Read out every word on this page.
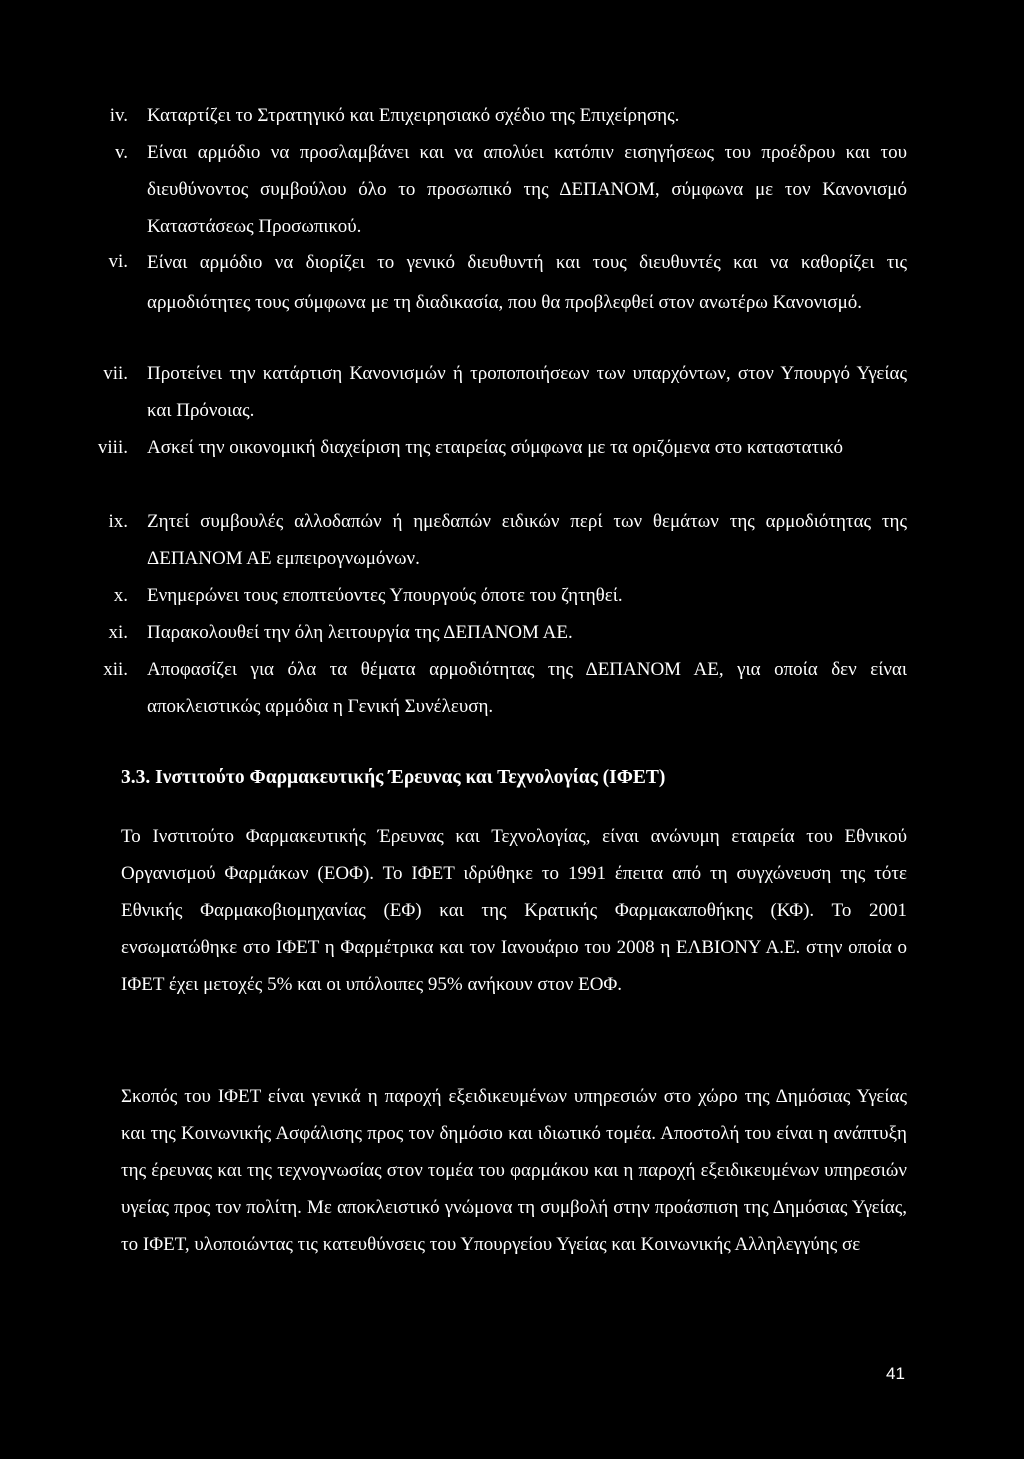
iv. Καταρτίζει το Στρατηγικό και Επιχειρησιακό σχέδιο της Επιχείρησης.
v. Είναι αρμόδιο να προσλαμβάνει και να απολύει κατόπιν εισηγήσεως του προέδρου και του διευθύνοντος συμβούλου όλο το προσωπικό της ΔΕΠΑΝΟΜ, σύμφωνα με τον Κανονισμό Καταστάσεως Προσωπικού.
vi. Είναι αρμόδιο να διορίζει το γενικό διευθυντή και τους διευθυντές και να καθορίζει τις αρμοδιότητες τους σύμφωνα με τη διαδικασία, που θα προβλεφθεί στον ανωτέρω Κανονισμό.
vii. Προτείνει την κατάρτιση Κανονισμών ή τροποποιήσεων των υπαρχόντων, στον Υπουργό Υγείας και Πρόνοιας.
viii. Ασκεί την οικονομική διαχείριση της εταιρείας σύμφωνα με τα οριζόμενα στο καταστατικό
ix. Ζητεί συμβουλές αλλοδαπών ή ημεδαπών ειδικών περί των θεμάτων της αρμοδιότητας της ΔΕΠΑΝΟΜ ΑΕ εμπειρογνωμόνων.
x. Ενημερώνει τους εποπτεύοντες Υπουργούς όποτε του ζητηθεί.
xi. Παρακολουθεί την όλη λειτουργία της ΔΕΠΑΝΟΜ ΑΕ.
xii. Αποφασίζει για όλα τα θέματα αρμοδιότητας της ΔΕΠΑΝΟΜ ΑΕ, για οποία δεν είναι αποκλειστικώς αρμόδια η Γενική Συνέλευση.
3.3. Ινστιτούτο Φαρμακευτικής Έρευνας και Τεχνολογίας (ΙΦΕΤ)

Το Ινστιτούτο Φαρμακευτικής Έρευνας και Τεχνολογίας, είναι ανώνυμη εταιρεία του Εθνικού Οργανισμού Φαρμάκων (ΕΟΦ). Το ΙΦΕΤ ιδρύθηκε το 1991 έπειτα από τη συγχώνευση της τότε Εθνικής Φαρμακοβιομηχανίας (ΕΦ) και της Κρατικής Φαρμακαποθήκης (ΚΦ). Το 2001 ενσωματώθηκε στο ΙΦΕΤ η Φαρμέτρικα και τον Ιανουάριο του 2008 η ΕΛΒΙΟΝΥ Α.Ε. στην οποία ο ΙΦΕΤ έχει μετοχές 5% και οι υπόλοιπες 95% ανήκουν στον ΕΟΦ.

Σκοπός του ΙΦΕΤ είναι γενικά η παροχή εξειδικευμένων υπηρεσιών στο χώρο της Δημόσιας Υγείας και της Κοινωνικής Ασφάλισης προς τον δημόσιο και ιδιωτικό τομέα. Αποστολή του είναι η ανάπτυξη της έρευνας και της τεχνογνωσίας στον τομέα του φαρμάκου και η παροχή εξειδικευμένων υπηρεσιών υγείας προς τον πολίτη. Με αποκλειστικό γνώμονα τη συμβολή στην προάσπιση της Δημόσιας Υγείας, το ΙΦΕΤ, υλοποιώντας τις κατευθύνσεις του Υπουργείου Υγείας και Κοινωνικής Αλληλεγγύης σε

41
